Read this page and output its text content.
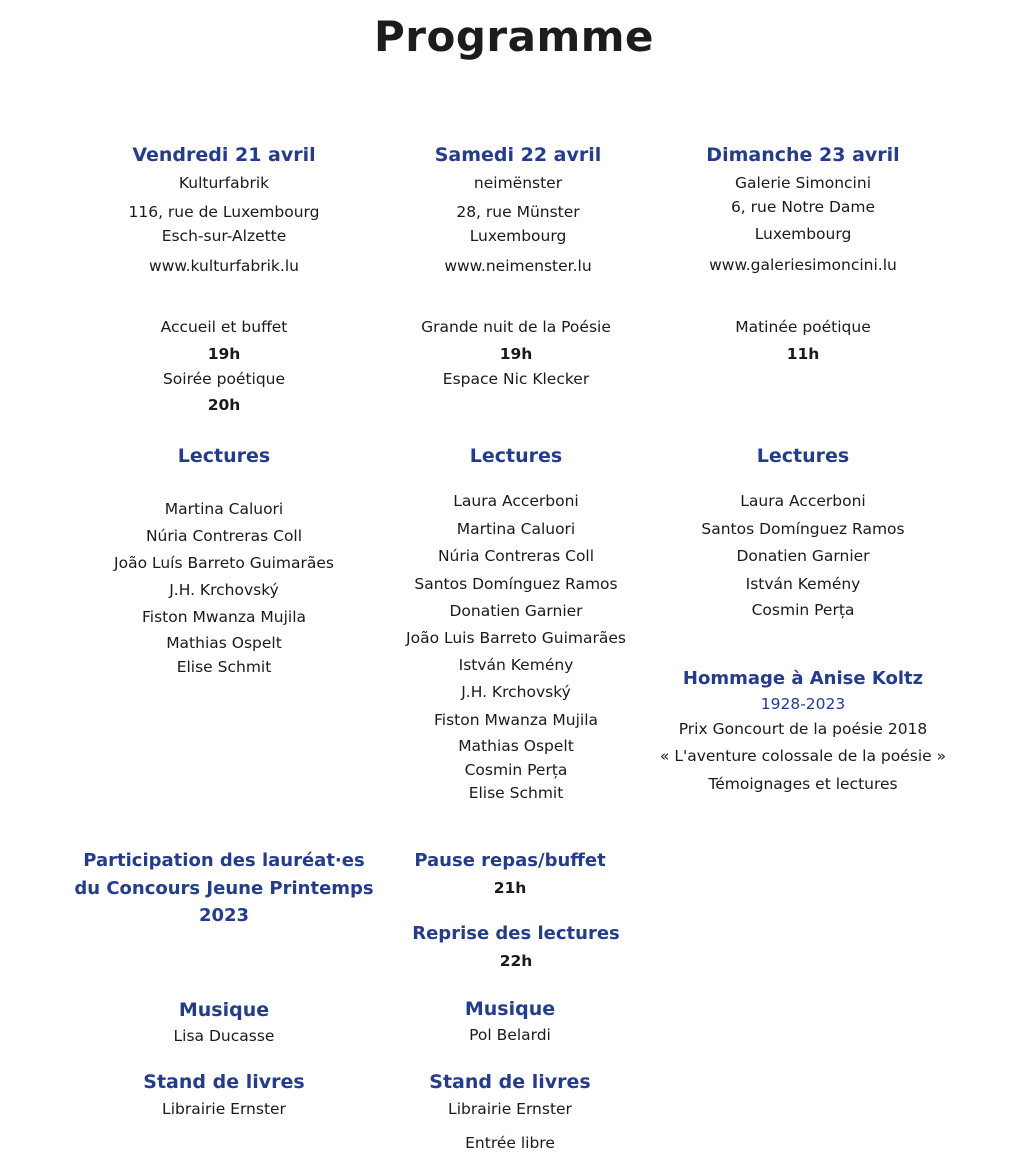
Programme
Vendredi 21 avril
Kulturfabrik
116, rue de Luxembourg
Esch-sur-Alzette
www.kulturfabrik.lu
Accueil et buffet
19h
Soirée poétique
20h
Lectures
Martina Caluori
Núria Contreras Coll
João Luís Barreto Guimarães
J.H. Krchovský
Fiston Mwanza Mujila
Mathias Ospelt
Elise Schmit
Participation des lauréat·es
du Concours Jeune Printemps
2023
Musique
Lisa Ducasse
Stand de livres
Librairie Ernster
Samedi 22 avril
neimënster
28, rue Münster
Luxembourg
www.neimenster.lu
Grande nuit de la Poésie
19h
Espace Nic Klecker
Lectures
Laura Accerboni
Martina Caluori
Núria Contreras Coll
Santos Domínguez Ramos
Donatien Garnier
João Luis Barreto Guimarães
István Kemény
J.H. Krchovský
Fiston Mwanza Mujila
Mathias Ospelt
Cosmin Perța
Elise Schmit
Pause repas/buffet
21h
Reprise des lectures
22h
Musique
Pol Belardi
Stand de livres
Librairie Ernster
Entrée libre
Dimanche 23 avril
Galerie Simoncini
6, rue Notre Dame
Luxembourg
www.galeriesimoncini.lu
Matinée poétique
11h
Lectures
Laura Accerboni
Santos Domínguez Ramos
Donatien Garnier
István Kemény
Cosmin Perța
Hommage à Anise Koltz
1928-2023
Prix Goncourt de la poésie 2018
« L'aventure colossale de la poésie »
Témoignages et lectures
